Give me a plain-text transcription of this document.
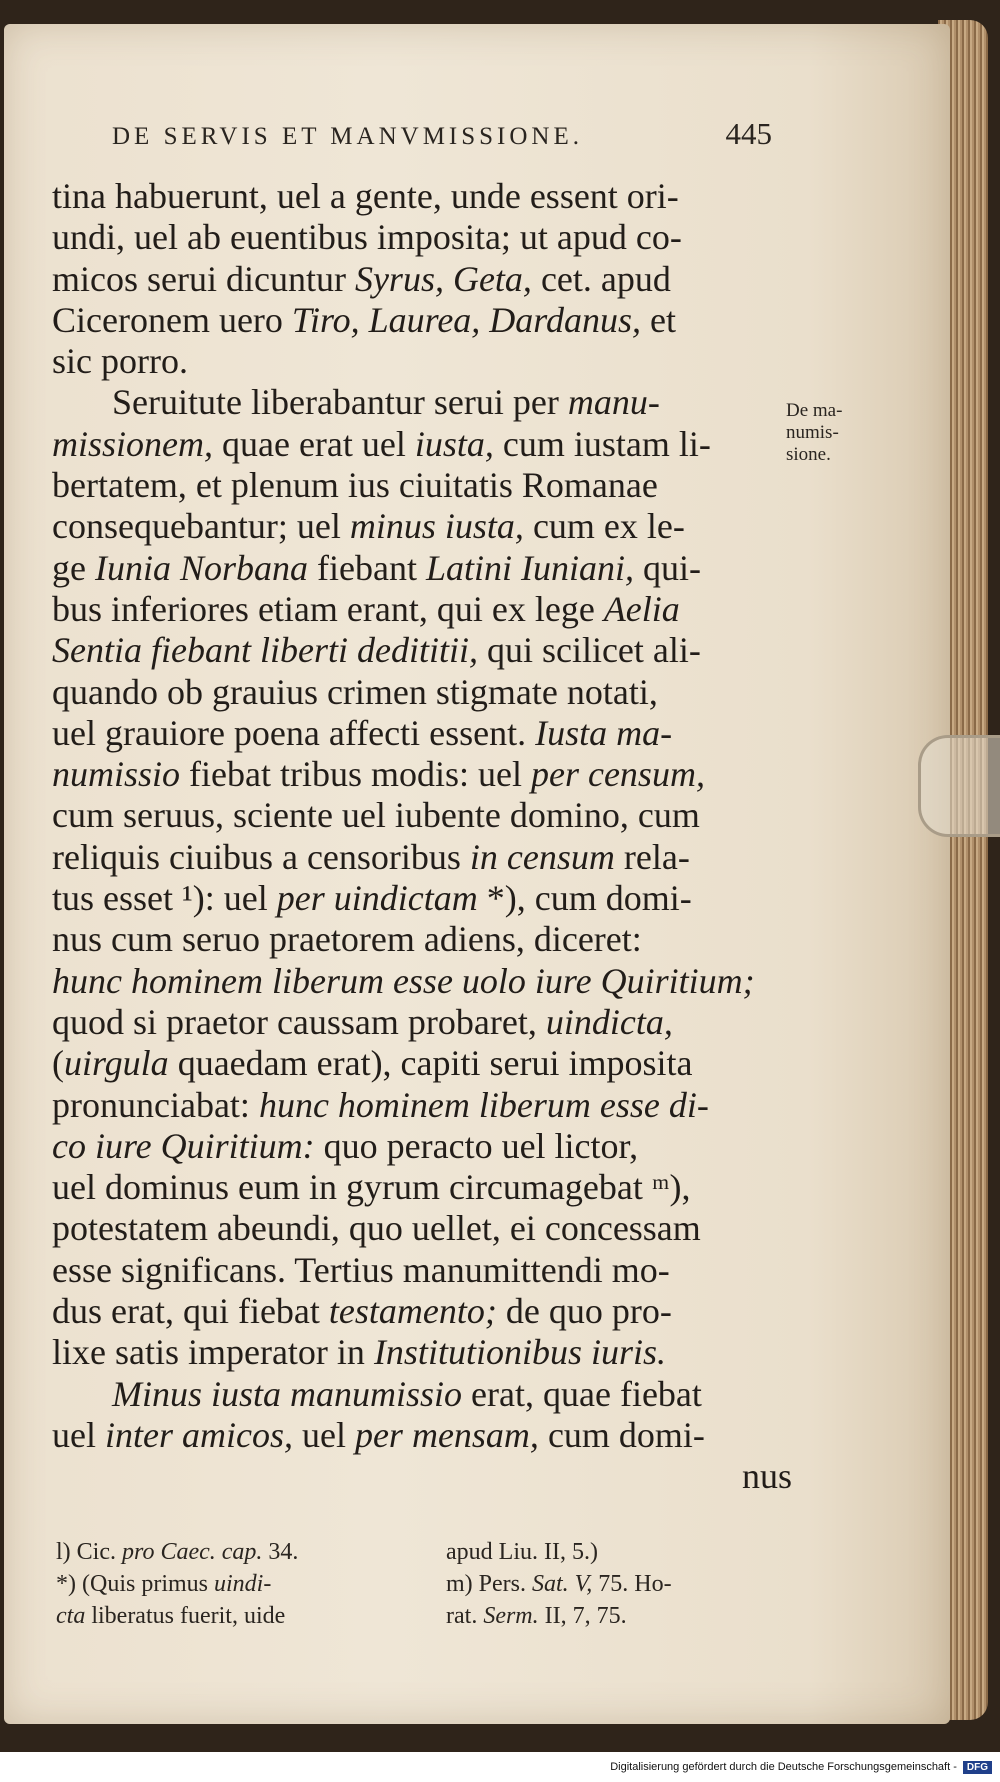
DE SERVIS ET MANVMISSIONE.	445
tina habuerunt, uel a gente, unde essent ori-
undi, uel ab euentibus imposita; ut apud co-
micos serui dicuntur Syrus, Geta, cet. apud
Ciceronem uero Tiro, Laurea, Dardanus, et
sic porro.
Seruitute liberabantur serui per manu-
missionem, quae erat uel iusta, cum iustam li-
bertatem, et plenum ius ciuitatis Romanae
consequebantur; uel minus iusta, cum ex le-
ge Iunia Norbana fiebant Latini Iuniani, qui-
bus inferiores etiam erant, qui ex lege Aelia
Sentia fiebant liberti dedititii, qui scilicet ali-
quando ob grauius crimen stigmate notati,
uel grauiore poena affecti essent. Iusta ma-
numissio fiebat tribus modis: uel per censum,
cum seruus, sciente uel iubente domino, cum
reliquis ciuibus a censoribus in censum rela-
tus esset ¹): uel per uindictam *), cum domi-
nus cum seruo praetorem adiens, diceret:
hunc hominem liberum esse uolo iure Quiritium;
quod si praetor caussam probaret, uindicta,
(uirgula quaedam erat), capiti serui imposita
pronunciabat: hunc hominem liberum esse di-
co iure Quiritium: quo peracto uel lictor,
uel dominus eum in gyrum circumagebat ᵐ),
potestatem abeundi, quo uellet, ei concessam
esse significans. Tertius manumittendi mo-
dus erat, qui fiebat testamento; de quo pro-
lixe satis imperator in Institutionibus iuris.
Minus iusta manumissio erat, quae fiebat
uel inter amicos, uel per mensam, cum domi-
nus
De ma-
numis-
sione.
l) Cic. pro Caec. cap. 34.	apud Liu. II, 5.)
*) (Quis primus uindi-	m) Pers. Sat. V, 75. Ho-
cta liberatus fuerit, uide	rat. Serm. II, 7, 75.
Digitalisierung gefördert durch die Deutsche Forschungsgemeinschaft -	DFG
